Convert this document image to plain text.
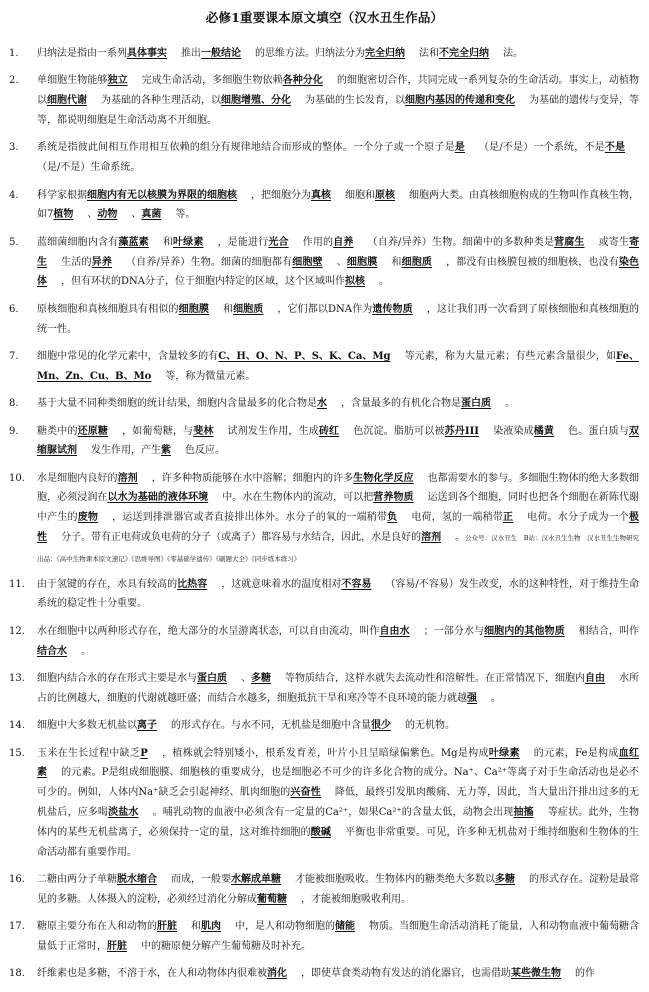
必修1重要课本原文填空（汉水丑生作品）
1.	归纳法是指由一系列具体事实 推出一般结论 的思维方法。归纳法分为完全归纳 法和不完全归纳 法。
2.	单细胞生物能够独立 完成生命活动，多细胞生物依赖各种分化 的细胞密切合作，共同完成一系列复杂的生命活动。事实上，动植物以细胞代谢 为基础的各种生理活动，以细胞增殖、分化 为基础的生长发育，以细胞内基因的传递和变化 为基础的遗传与变异，等等，都说明细胞是生命活动离不开细胞。
3.	系统是指彼此间相互作用相互依赖的组分有规律地结合而形成的整体。一个分子或一个原子是是 （是/不是）一个系统，不是不是（是/不是）生命系统。
4.	科学家根据细胞内有无以核膜为界限的细胞核 ，把细胞分为真核 细胞和原核 细胞两大类。由真核细胞构成的生物叫作真核生物，如7植物 、动物 、真菌 等。
5.	蓝细菌细胞内含有藻蓝素 和叶绿素 ，是能进行光合 作用的自养 （自养/异养）生物。细菌中的多数种类是营腐生 或寄生寄生 生活的异养 （自养/异养）生物。细菌的细胞都有细胞壁 、细胞膜 和细胞质 ，都没有由核膜包被的细胞核，也没有染色体 ，但有环状的DNA分子，位于细胞内特定的区域，这个区域叫作拟核 。
6.	原核细胞和真核细胞具有相似的细胞膜 和细胞质 ，它们都以DNA作为遗传物质 ，这让我们再一次看到了原核细胞和真核细胞的统一性。
7.	细胞中常见的化学元素中，含量较多的有C、H、O、N、P、S、K、Ca、Mg 等元素，称为大量元素；有些元素含量很少，如Fe、Mn、Zn、Cu、B、Mo 等，称为微量元素。
8.	基于大量不同种类细胞的统计结果，细胞内含量最多的化合物是水 ，含量最多的有机化合物是蛋白质 。
9.	糖类中的还原糖 ，如葡萄糖，与斐林 试剂发生作用，生成砖红 色沉淀。脂肪可以被苏丹III 染液染成橘黄 色。蛋白质与双缩脲试剂 发生作用，产生紫 色反应。
10.	水是细胞内良好的溶剂 ，许多种物质能够在水中溶解；细胞内的许多生物化学反应 也都需要水的参与。多细胞生物体的绝大多数细胞，必须浸润在以水为基础的液体环境 中。水在生物体内的流动，可以把营养物质 运送到各个细胞，同时也把各个细胞在新陈代谢中产生的废物 ，运送到排泄器官或者直接排出体外。水分子的氧的一端稍带负 电荷，氢的一端稍带正 电荷。水分子成为一个极性 分子。带有正电荷或负电荷的分子（或离子）都容易与水结合，因此，水是良好的溶剂 。公众号：汉水丑生　B站：汉水丑生生物　汉水丑生生物研究出品：《高中生物课本原文速记》《思维导图》《零基础学遗传》《刷题大全》《同步练本练习》
11.	由于氢键的存在，水具有较高的比热容 ，这就意味着水的温度相对不容易 （容易/不容易）发生改变，水的这种特性，对于维持生命系统的稳定性十分重要。
12.	水在细胞中以两种形式存在，绝大部分的水呈游离状态，可以自由流动，叫作自由水 ；一部分水与细胞内的其他物质 相结合，叫作结合水 。
13.	细胞内结合水的存在形式主要是水与蛋白质 、多糖 等物质结合，这样水就失去流动性和溶解性。在正常情况下，细胞内自由 水所占的比例越大，细胞的代谢就越旺盛；而结合水越多，细胞抵抗干旱和寒冷等不良环境的能力就越强 。
14.	细胞中大多数无机盐以离子 的形式存在。与水不同，无机盐是细胞中含量很少 的无机物。
15.	玉米在生长过程中缺乏P ，植株就会特别矮小，根系发育差，叶片小且呈暗绿偏紫色。Mg是构成叶绿素 的元素，Fe是构成血红素 的元素。P是组成细胞膜、细胞核的重要成分，也是细胞必不可少的许多化合物的成分。Na⁺、Ca²⁺等离子对于生命活动也是必不可少的。例如，人体内Na⁺缺乏会引起神经、肌肉细胞的兴奋性 降低，最终引发肌肉酸痛、无力等，因此，当大量出汗排出过多的无机盐后，应多喝淡盐水 。哺乳动物的血液中必须含有一定量的Ca²⁺，如果Ca²⁺的含量太低，动物会出现抽搐 等症状。此外，生物体内的某些无机盐离子，必须保持一定的量，这对维持细胞的酸碱 平衡也非常重要。可见，许多种无机盐对于维持细胞和生物体的生命活动都有重要作用。
16.	二糖由两分子单糖脱水缩合 而成，一般要水解成单糖 才能被细胞吸收。生物体内的糖类绝大多数以多糖 的形式存在。淀粉是最常见的多糖。人体摄入的淀粉，必须经过消化分解成葡萄糖 ，才能被细胞吸收利用。
17.	糖原主要分布在人和动物的肝脏 和肌肉 中，是人和动物细胞的储能 物质。当细胞生命活动消耗了能量，人和动物血液中葡萄糖含量低于正常时，肝脏 中的糖原便分解产生葡萄糖及时补充。
18.	纤维素也是多糖，不溶于水，在人和动物体内很难被消化 ，即使草食类动物有发达的消化器官，也需借助某些微生物 的作
